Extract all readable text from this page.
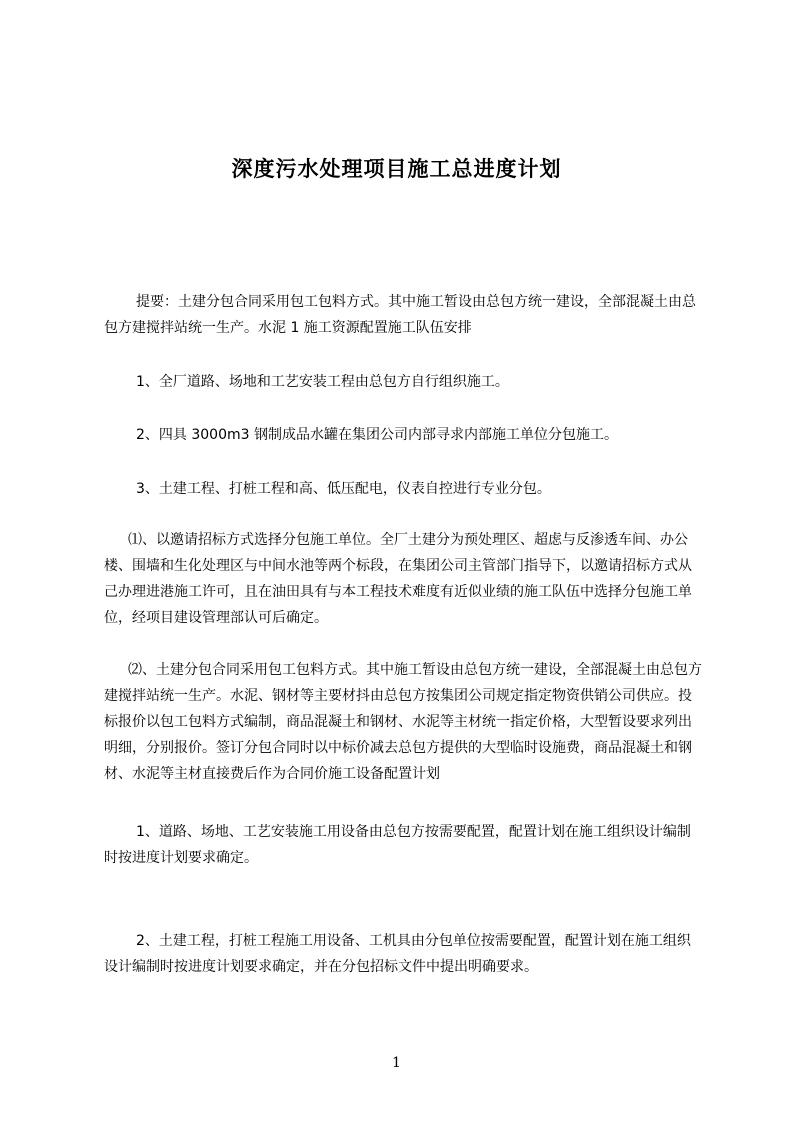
深度污水处理项目施工总进度计划

提要：土建分包合同采用包工包料方式。其中施工暂设由总包方统一建设，全部混凝土由总包方建搅拌站统一生产。水泥 1 施工资源配置施工队伍安排

1、全厂道路、场地和工艺安装工程由总包方自行组织施工。

2、四具 3000m3 钢制成品水罐在集团公司内部寻求内部施工单位分包施工。

3、土建工程、打桩工程和高、低压配电，仪表自控进行专业分包。

⑴、以邀请招标方式选择分包施工单位。全厂土建分为预处理区、超虑与反渗透车间、办公楼、围墙和生化处理区与中间水池等两个标段，在集团公司主管部门指导下，以邀请招标方式从己办理进港施工许可，且在油田具有与本工程技术难度有近似业绩的施工队伍中选择分包施工单位，经项目建设管理部认可后确定。

⑵、土建分包合同采用包工包料方式。其中施工暂设由总包方统一建设，全部混凝土由总包方建搅拌站统一生产。水泥、钢材等主要材抖由总包方按集团公司规定指定物资供销公司供应。投标报价以包工包料方式编制，商品混凝土和钢材、水泥等主材统一指定价格，大型暂设要求列出明细，分别报价。签订分包合同时以中标价减去总包方提供的大型临时设施费，商品混凝土和钢材、水泥等主材直接费后作为合同价施工设备配置计划

1、道路、场地、工艺安装施工用设备由总包方按需要配置，配置计划在施工组织设计编制时按进度计划要求确定。

2、土建工程，打桩工程施工用设备、工机具由分包单位按需要配置，配置计划在施工组织设计编制时按进度计划要求确定，并在分包招标文件中提出明确要求。

1
